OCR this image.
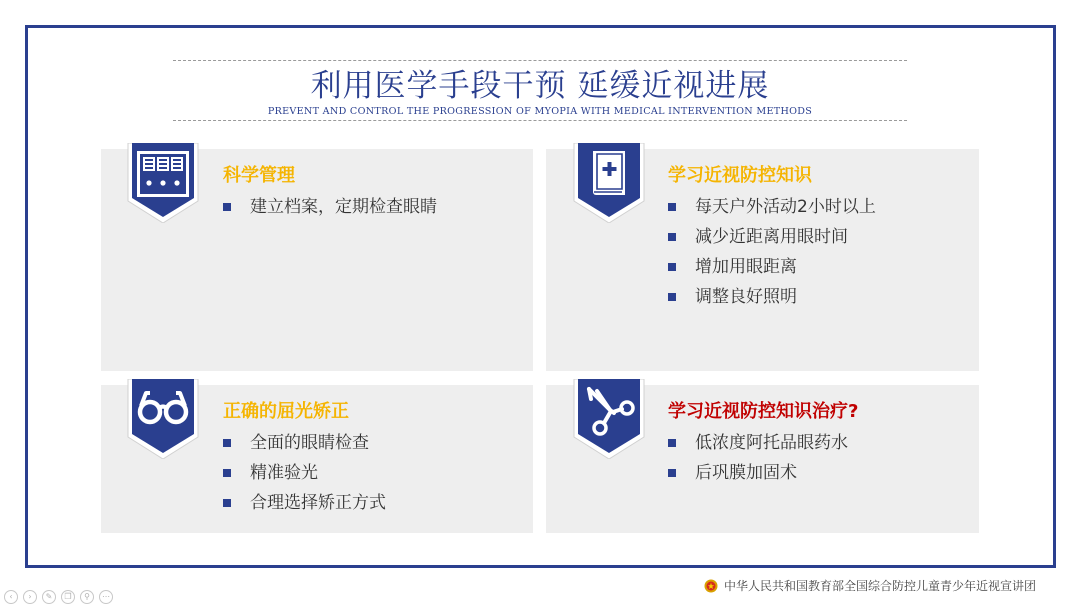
利用医学手段干预 延缓近视进展
PREVENT AND CONTROL THE PROGRESSION OF MYOPIA WITH MEDICAL INTERVENTION METHODS
科学管理
建立档案，定期检查眼睛
学习近视防控知识
每天户外活动2小时以上
减少近距离用眼时间
增加用眼距离
调整良好照明
正确的屈光矫正
全面的眼睛检查
精准验光
合理选择矫正方式
学习近视防控知识治疗?
低浓度阿托品眼药水
后巩膜加固术
中华人民共和国教育部全国综合防控儿童青少年近视宣讲团
‹	›	✎	❐	⚲	⋯
